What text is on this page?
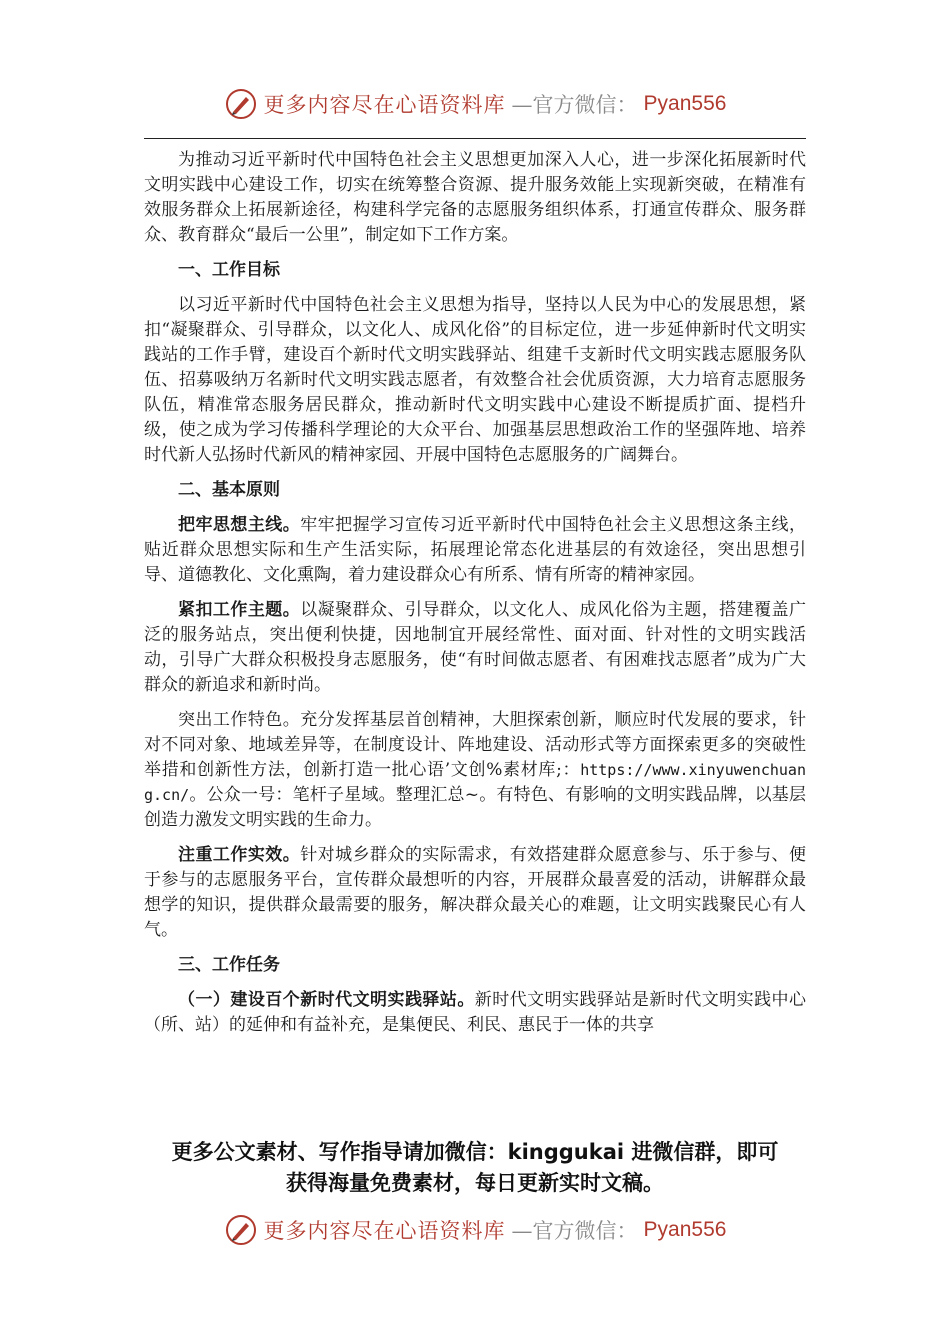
更多内容尽在心语资料库 —官方微信： Pyan556

为推动习近平新时代中国特色社会主义思想更加深入人心，进一步深化拓展新时代文明实践中心建设工作，切实在统筹整合资源、提升服务效能上实现新突破，在精准有效服务群众上拓展新途径，构建科学完备的志愿服务组织体系，打通宣传群众、服务群众、教育群众“最后一公里”，制定如下工作方案。

一、工作目标

以习近平新时代中国特色社会主义思想为指导，坚持以人民为中心的发展思想，紧扣“凝聚群众、引导群众，以文化人、成风化俗”的目标定位，进一步延伸新时代文明实践站的工作手臂，建设百个新时代文明实践驿站、组建千支新时代文明实践志愿服务队伍、招募吸纳万名新时代文明实践志愿者，有效整合社会优质资源，大力培育志愿服务队伍，精准常态服务居民群众，推动新时代文明实践中心建设不断提质扩面、提档升级，使之成为学习传播科学理论的大众平台、加强基层思想政治工作的坚强阵地、培养时代新人弘扬时代新风的精神家园、开展中国特色志愿服务的广阔舞台。

二、基本原则

把牢思想主线。牢牢把握学习宣传习近平新时代中国特色社会主义思想这条主线，贴近群众思想实际和生产生活实际，拓展理论常态化进基层的有效途径，突出思想引导、道德教化、文化熏陶，着力建设群众心有所系、情有所寄的精神家园。

紧扣工作主题。以凝聚群众、引导群众，以文化人、成风化俗为主题，搭建覆盖广泛的服务站点，突出便利快捷，因地制宜开展经常性、面对面、针对性的文明实践活动，引导广大群众积极投身志愿服务，使“有时间做志愿者、有困难找志愿者”成为广大群众的新追求和新时尚。

突出工作特色。充分发挥基层首创精神，大胆探索创新，顺应时代发展的要求，针对不同对象、地域差异等，在制度设计、阵地建设、活动形式等方面探索更多的突破性举措和创新性方法，创新打造一批心语’文创%素材库;：https://www.xinyuwenchuang.cn/。公众一号：笔杆子星域。整理汇总~。有特色、有影响的文明实践品牌，以基层创造力激发文明实践的生命力。

注重工作实效。针对城乡群众的实际需求，有效搭建群众愿意参与、乐于参与、便于参与的志愿服务平台，宣传群众最想听的内容，开展群众最喜爱的活动，讲解群众最想学的知识，提供群众最需要的服务，解决群众最关心的难题，让文明实践聚民心有人气。

三、工作任务

（一）建设百个新时代文明实践驿站。新时代文明实践驿站是新时代文明实践中心（所、站）的延伸和有益补充，是集便民、利民、惠民于一体的共享

更多公文素材、写作指导请加微信：kinggukai 进微信群，即可
获得海量免费素材，每日更新实时文稿。
更多内容尽在心语资料库 —官方微信： Pyan556
